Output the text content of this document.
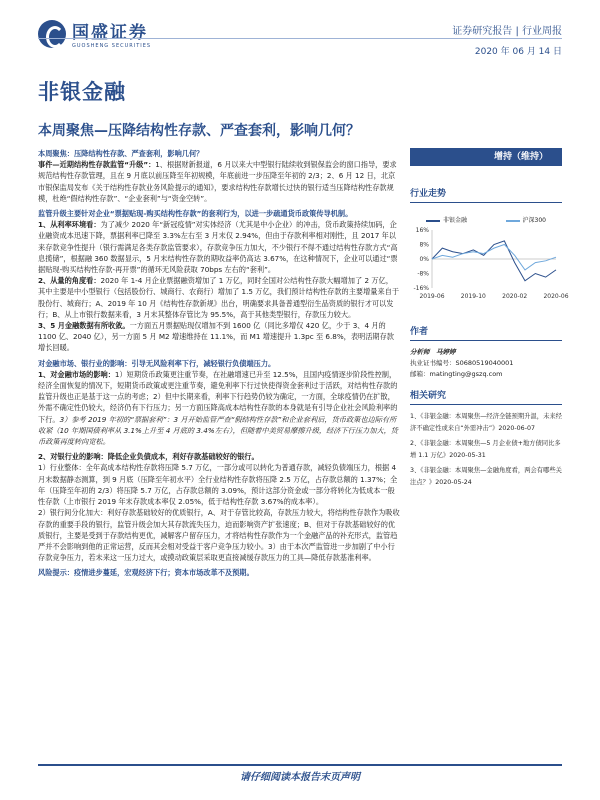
国盛证券
GUOSHENG SECURITIES
证券研究报告 | 行业周报
2020 年 06 月 14 日
非银金融
本周聚焦—压降结构性存款、严查套利，影响几何？

本周聚焦：压降结构性存款、严查套利，影响几何？

事件—近期结构性存款监管“升级”：1、根据财新报道，6 月以来大中型银行陆续收到银保监会的窗口指导，要求规范结构性存款管理，且在 9 月底以前压降至年初规模，年底前进一步压降至年初的 2/3；2、6 月 12 日，北京市银保监局发布《关于结构性存款业务风险提示的通知》，要求结构性存款增长过快的银行适当压降结构性存款规模，杜绝“假结构性存款”、“企业套利”与“资金空转”。

监管升级主要针对企业“票据贴现-购买结构性存款”的套利行为，以进一步疏通货币政策传导机制。

1、从利率环境看：为了减少 2020 年“新冠疫情”对实体经济（尤其是中小企业）的冲击，货币政策持续加码，企业融资成本迅速下降，票据利率已降至 3.3%左右至 3 月末仅 2.94%，但由于存款利率相对刚性，且 2017 年以来存款竞争性提升（银行需满足各类存款监管要求），存款竞争压力加大，不少银行不得不通过结构性存款方式“高息揽储”，根据融 360 数据显示，5 月末结构性存款的期收益率仍高达 3.67%，在这种情况下，企业可以通过“票据贴现-购买结构性存款-再开票”的循环无风险获取 70bps 左右的“套利”。

2、从量的角度看：2020 年 1-4 月企业票据融资增加了 1 万亿，同时全国对公结构性存款大幅增加了 2 万亿，其中主要是中小型银行（包括股份行、城商行、农商行）增加了 1.5 万亿，我们预计结构性存款的主要增量来自于股份行、城商行；A、2019 年 10 月《结构性存款新规》出台，明确要求具备普通型衍生品资质的银行才可以发行；B、从上市银行数据来看，3 月末其整体存管比为 95.5%，高于其他类型银行，存款压力较大。

3、5 月金融数据有所收敛。一方面五月票据贴现仅增加不到 1600 亿（同比多增仅 420 亿，少于 3、4 月的 1100 亿、2040 亿），另一方面 5 月 M2 增速维持在 11.1%，而 M1 增速提升 1.3pc 至 6.8%，表明活期存款增长回暖。

对金融市场、银行业的影响：引导无风险利率下行，减轻银行负债端压力。

1、对金融市场的影响：1）短期货币政策更注重节奏，在社融增速已升至 12.5%，且国内疫情逐步阶段性控制，经济全面恢复的情况下，短期货币政策或更注重节奏，避免利率下行过快使得资金套利过于活跃，对结构性存款的监管升级也正是基于这一点的考虑；2）但中长期来看，利率下行趋势仍较为确定，一方面，全球疫情仍在扩散，外需不确定性仍较大，经济仍有下行压力；另一方面压降高成本结构性存款的本身就是有引导企业社会风险利率的下行。3）参考 2019 年初的“票据套利”：3 月开始监管严查“假结构性存款”和企业套利后，货币政策也边际有所收紧（10 年期国债利率从 3.1%上升至 4 月底的 3.4%左右），但随着中美贸易摩擦升级，经济下行压力加大，货币政策再度转向宽松。

2、对银行业的影响：降低企业负债成本，利好存款基础较好的银行。

1）行业整体：全年高成本结构性存款将压降 5.7 万亿，一部分或可以转化为普通存款，减轻负债端压力，根据 4 月末数据静态测算，到 9 月底（压降至年初水平）全行业结构性存款将压降 2.5 万亿，占存款总额的 1.37%；全年（压降至年初的 2/3）将压降 5.7 万亿，占存款总额的 3.09%，预计这部分资金或一部分将转化为低成本一般性存款（上市银行 2019 年末存款成本率仅 2.05%，低于结构性存款 3.67%的成本率）。

2）银行间分化加大：利好存款基础较好的优质银行，A、对于存管比较高，存款压力较大，将结构性存款作为吸收存款的重要手段的银行，监管升级会加大其存款流失压力，迫而影响资产扩张速度；B、但对于存款基础较好的优质银行，主要是受到于存款结构更优，减解客户留存压力，才将结构性存款作为一个金融产品的补充形式，监管趋严并不会影响到他的正常运营，反而其会相对受益于客户竞争压力较小。3）由于本次严监管进一步加剧了中小行存款竞争压力，若未来这一压力过大，或摸动政策层采取更直接减缓存款压力的工具—降低存款基准利率。

风险提示：疫情进步蔓延，宏观经济下行；资本市场改革不及预期。

增持（维持）
行业走势
非银金融	沪深300
16%
8%
0%
-8%
-16%
2019-06	2019-10	2020-02	2020-06
作者
分析师　马婷婷
执业证书编号：S0680519040001
邮箱：matingting@gszq.com
相关研究
1、《非银金融：本周聚焦—经济全链预期升温，未来经济不确定性或来自“外需冲击”》2020-06-07
2、《非银金融：本周聚焦—5 月企业债+地方债同比多增 1.1 万亿》2020-05-31
3、《非银金融：本周聚焦—金融角度看，两会有哪些关注点？》2020-05-24
请仔细阅读本报告末页声明
